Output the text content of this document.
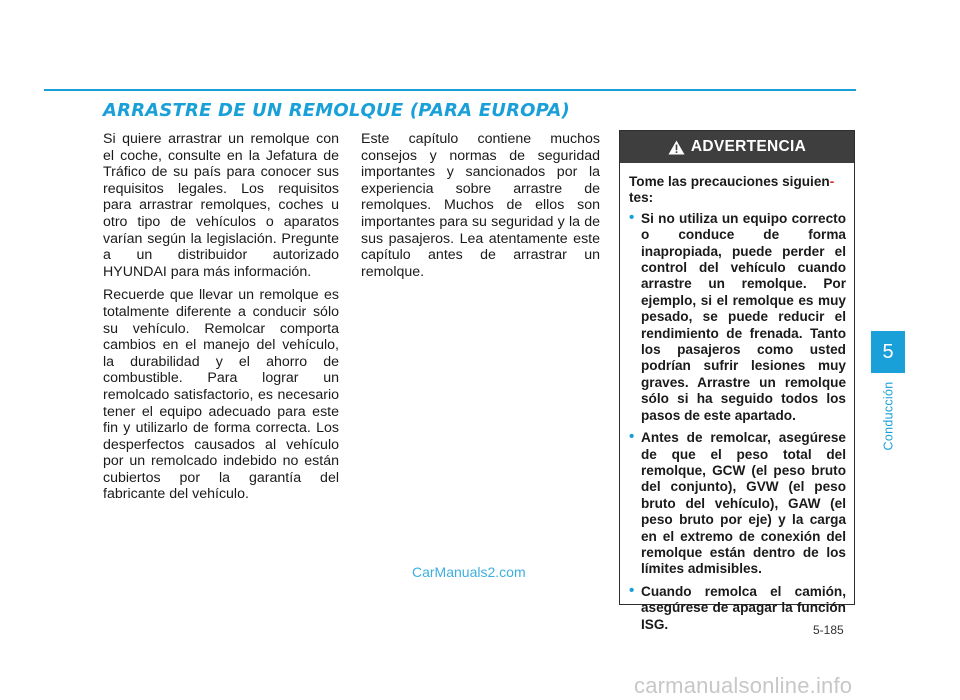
ARRASTRE DE UN REMOLQUE (PARA EUROPA)

Si quiere arrastrar un remolque con el coche, consulte en la Jefatura de Tráfico de su país para conocer sus requisitos legales. Los requisitos para arrastrar remolques, coches u otro tipo de vehículos o aparatos varían según la legislación. Pregunte a un distribuidor autorizado HYUNDAI para más información.

Recuerde que llevar un remolque es totalmente diferente a conducir sólo su vehículo. Remolcar comporta cambios en el manejo del vehículo, la durabilidad y el ahorro de combustible. Para lograr un remolcado satisfactorio, es necesario tener el equipo adecuado para este fin y utilizarlo de forma correcta. Los desperfectos causados al vehículo por un remolcado indebido no están cubiertos por la garantía del fabricante del vehículo.

Este capítulo contiene muchos consejos y normas de seguridad importantes y sancionados por la experiencia sobre arrastre de remolques. Muchos de ellos son importantes para su seguridad y la de sus pasajeros. Lea atentamente este capítulo antes de arrastrar un remolque.

ADVERTENCIA

Tome las precauciones siguien-
tes:

• Si no utiliza un equipo correcto o conduce de forma inapropiada, puede perder el control del vehículo cuando arrastre un remolque. Por ejemplo, si el remolque es muy pesado, se puede reducir el rendimiento de frenada. Tanto los pasajeros como usted podrían sufrir lesiones muy graves. Arrastre un remolque sólo si ha seguido todos los pasos de este apartado.
• Antes de remolcar, asegúrese de que el peso total del remolque, GCW (el peso bruto del conjunto), GVW (el peso bruto del vehículo), GAW (el peso bruto por eje) y la carga en el extremo de conexión del remolque están dentro de los límites admisibles.
• Cuando remolca el camión, asegúrese de apagar la función ISG.
5
Conducción
5-185
CarManuals2.com
carmanualsonline.info
